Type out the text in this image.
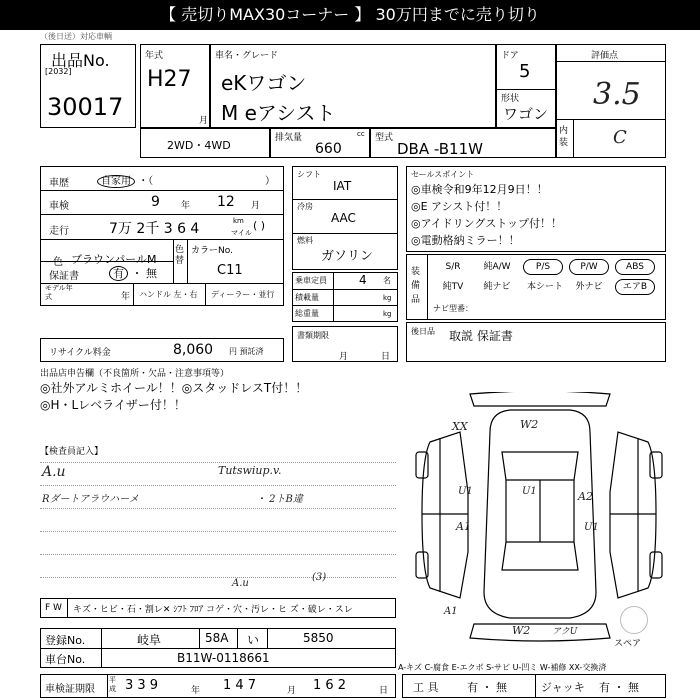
【 売切りMAX30コーナー 】 30万円までに売り切り
（後日送）対応車輌
出品No.
[2032]
30017
年式
H27
月
車名・グレード
eKワゴン
M eアシスト
ドア
5
形状
ワゴン
評価点
3.5
内装 C
2WD・4WD
排気量	cc
660
型式
DBA -B11W
車歴	自家用 ・（	）
車検	9 年 12 月
走行	7万 2千 3 6 4	km
マイル
( )
色 ブラウンパールM
色替
カラーNo.
C11
保証書	有 ・ 無
モデル年式	年 ハンドル 左・右 ディーラー・並行
リサイクル料金	8,060 円 預託済
シフト
IAT
冷房
AAC
燃料
ガソリン
乗車定員	4 名
積載量	kg
総重量	kg
書類期限
月	日
セールスポイント
◎車検令和9年12月9日！！
◎E アシスト付！！
◎アイドリングストップ付！！
◎電動格納ミラー！！
装備品
S/R	純A/W	P/S	P/W	ABS
純TV	純ナビ	本シート	外ナビ	エアB
ナビ型番：
後日品 取説 保証書
出品店申告欄（不良箇所・欠品・注意事項等）
◎社外アルミホイール！！◎スタッドレスT付！！
◎H・Lレベライザー付！！
【検査員記入】
A.u
Rダートアラウハーメ
Tutswiup.v.
・ 2トB違
XX	W2
U1	U1	A2
A1	U1
A1
W2 アクU
スペア
F W キズ・ヒビ・石・割レ✕ ｼﾌﾄ ﾌﾛｱ コゲ・穴・汚レ・ヒ ズ・破レ・スレ
A.u
(3)
登録No.	岐阜	58A い	5850
車台No.	B11W-0118661
A-キズ C-腐食 E-エクボ S-サビ U-凹ミ W-補修 XX-交換済
車検証期限
平成 3 3 9	年 1 4 7	月 1 6 2	日 工 具	有 ・ 無	ジャッキ 有 ・ 無
